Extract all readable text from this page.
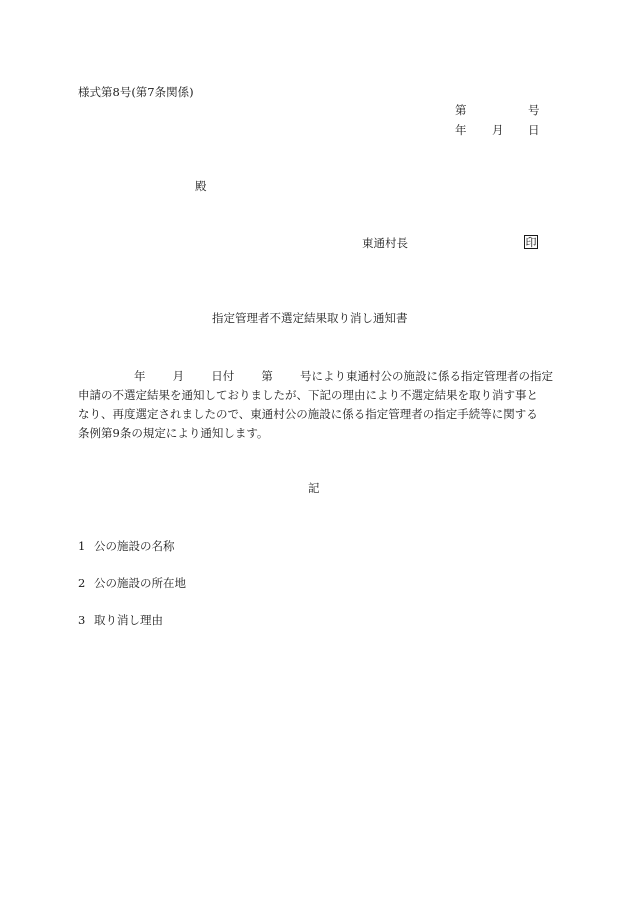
様式第8号(第7条関係)
第	号
年 月 日
殿
東通村長	印
指定管理者不選定結果取り消し通知書
年 月 日付 第 号により東通村公の施設に係る指定管理者の指定
申請の不選定結果を通知しておりましたが、下記の理由により不選定結果を取り消す事と
なり、再度選定されましたので、東通村公の施設に係る指定管理者の指定手続等に関する
条例第9条の規定により通知します。
記
1 公の施設の名称
2 公の施設の所在地
3 取り消し理由
